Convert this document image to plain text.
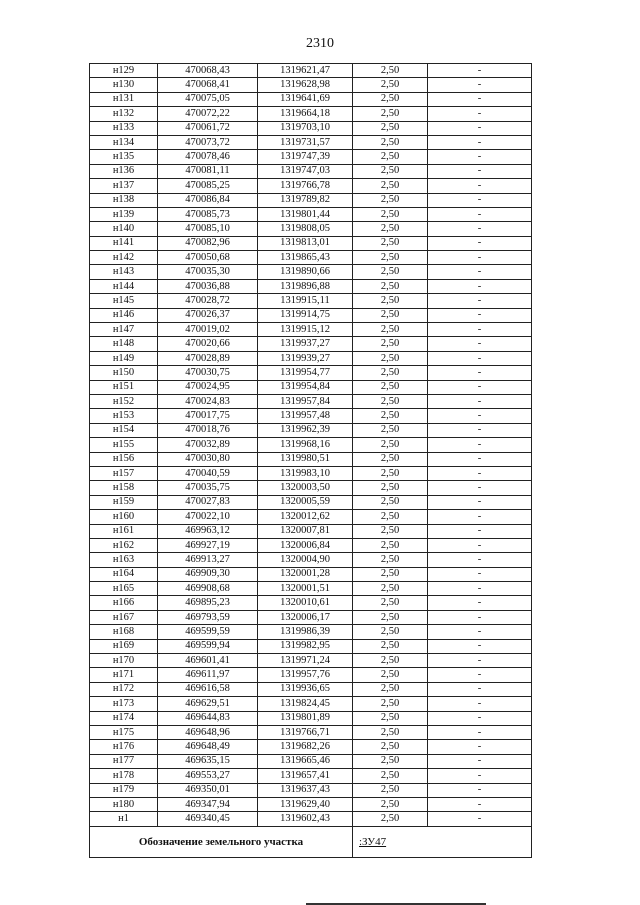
2310
н129	470068,43	1319621,47	2,50	-
н130	470068,41	1319628,98	2,50	-
н131	470075,05	1319641,69	2,50	-
н132	470072,22	1319664,18	2,50	-
н133	470061,72	1319703,10	2,50	-
н134	470073,72	1319731,57	2,50	-
н135	470078,46	1319747,39	2,50	-
н136	470081,11	1319747,03	2,50	-
н137	470085,25	1319766,78	2,50	-
н138	470086,84	1319789,82	2,50	-
н139	470085,73	1319801,44	2,50	-
н140	470085,10	1319808,05	2,50	-
н141	470082,96	1319813,01	2,50	-
н142	470050,68	1319865,43	2,50	-
н143	470035,30	1319890,66	2,50	-
н144	470036,88	1319896,88	2,50	-
н145	470028,72	1319915,11	2,50	-
н146	470026,37	1319914,75	2,50	-
н147	470019,02	1319915,12	2,50	-
н148	470020,66	1319937,27	2,50	-
н149	470028,89	1319939,27	2,50	-
н150	470030,75	1319954,77	2,50	-
н151	470024,95	1319954,84	2,50	-
н152	470024,83	1319957,84	2,50	-
н153	470017,75	1319957,48	2,50	-
н154	470018,76	1319962,39	2,50	-
н155	470032,89	1319968,16	2,50	-
н156	470030,80	1319980,51	2,50	-
н157	470040,59	1319983,10	2,50	-
н158	470035,75	1320003,50	2,50	-
н159	470027,83	1320005,59	2,50	-
н160	470022,10	1320012,62	2,50	-
н161	469963,12	1320007,81	2,50	-
н162	469927,19	1320006,84	2,50	-
н163	469913,27	1320004,90	2,50	-
н164	469909,30	1320001,28	2,50	-
н165	469908,68	1320001,51	2,50	-
н166	469895,23	1320010,61	2,50	-
н167	469793,59	1320006,17	2,50	-
н168	469599,59	1319986,39	2,50	-
н169	469599,94	1319982,95	2,50	-
н170	469601,41	1319971,24	2,50	-
н171	469611,97	1319957,76	2,50	-
н172	469616,58	1319936,65	2,50	-
н173	469629,51	1319824,45	2,50	-
н174	469644,83	1319801,89	2,50	-
н175	469648,96	1319766,71	2,50	-
н176	469648,49	1319682,26	2,50	-
н177	469635,15	1319665,46	2,50	-
н178	469553,27	1319657,41	2,50	-
н179	469350,01	1319637,43	2,50	-
н180	469347,94	1319629,40	2,50	-
н1	469340,45	1319602,43	2,50	-
Обозначение земельного участка			:ЗУ47	
